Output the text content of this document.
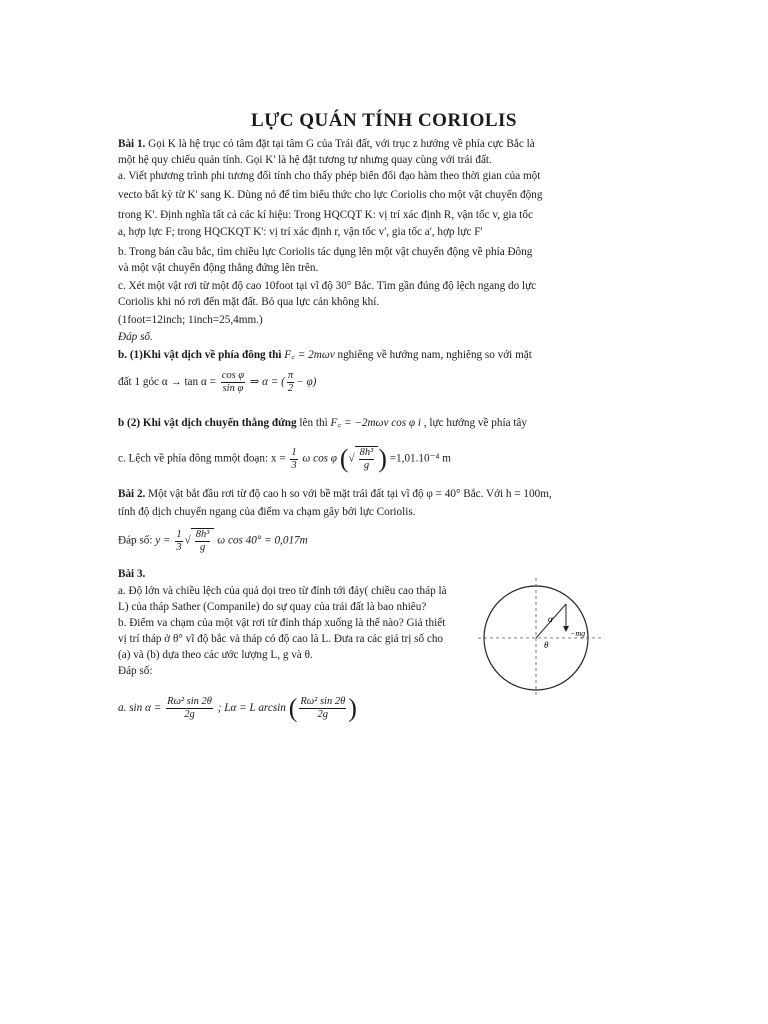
LỰC QUÁN TÍNH CORIOLIS
Bài 1. Gọi K là hệ trục có tâm đặt tại tâm G của Trái đất, với trục z hướng về phía cực Bắc là
một hệ quy chiếu quán tính. Gọi K' là hệ đặt tương tự nhưng quay cùng với trái đất.
a. Viết phương trình phi tương đối tính cho thấy phép biến đổi đạo hàm theo thời gian của một
vecto bất kỳ từ K' sang K. Dùng nó để tìm biểu thức cho lực Coriolis cho một vật chuyển động
trong K'. Định nghĩa tất cả các kí hiệu: Trong HQCQT K: vị trí xác định R, vận tốc v, gia tốc
a, hợp lực F; trong HQCKQT K': vị trí xác định r, vận tốc v', gia tốc a', hợp lực F'
b. Trong bán cầu bắc, tìm chiều lực Coriolis tác dụng lên một vật chuyển động về phía Đông
và một vật chuyển động thẳng đứng lên trên.
c. Xét một vật rơi từ một độ cao 10foot tại vĩ độ 30° Bắc. Tìm gần đúng độ lệch ngang do lực
Coriolis khi nó rơi đến mặt đất. Bỏ qua lực cản không khí.
(1foot=12inch; 1inch=25,4mm.)
Đáp số.
b. (1)Khi vật dịch về phía đông thì F꜀ = 2mωv nghiêng về hướng nam, nghiêng so với mặt
đất 1 góc $\alpha \to \tan \alpha = \frac{\text{cos φ}}{\text{sin φ}}$ ⇒ α = ( $\frac{\pi}{2} - \varphi$)
b (2) Khi vật dịch chuyển thẳng đứng lên thì F꜀ = −2mωv cos φ i , lực hướng về phía tây
c. Lệch về phía đông mmột đoạn: $x = \frac{1}{3}$ ω cos φ (√ $\frac{\text{8h³}}{g}$ ) =1,01.10⁻⁴ m
Bài 2. Một vật bắt đầu rơi từ độ cao h so với bề mặt trái đất tại vĩ độ φ = 40° Bắc. Với h = 100m,
tính độ dịch chuyển ngang của điểm va chạm gây bởi lực Coriolis.
Đáp số: $y = \frac{1}{3}$ √ $\frac{\text{8h³}}{g}$ ω cos 40° = 0,017m
Bài 3.
a. Độ lớn và chiều lệch của quả dọi treo từ đỉnh tới đáy( chiều cao tháp là
L) của tháp Sather (Companile) do sự quay của trái đất là bao nhiêu?
b. Điểm va chạm của một vật rơi từ đỉnh tháp xuống là thế nào? Giả thiết
vị trí tháp ở θ° vĩ độ bắc và tháp có độ cao là L. Đưa ra các giá trị số cho
(a) và (b) dựa theo các ước lượng L, g và θ.
Đáp số:
a. $\sin \alpha = \frac{\text{Rω² sin 2θ}}{2g}$ ; Lα = L arcsin ( $\frac{\text{Rω² sin 2θ}}{2g}$ )
α
θ
−mg
